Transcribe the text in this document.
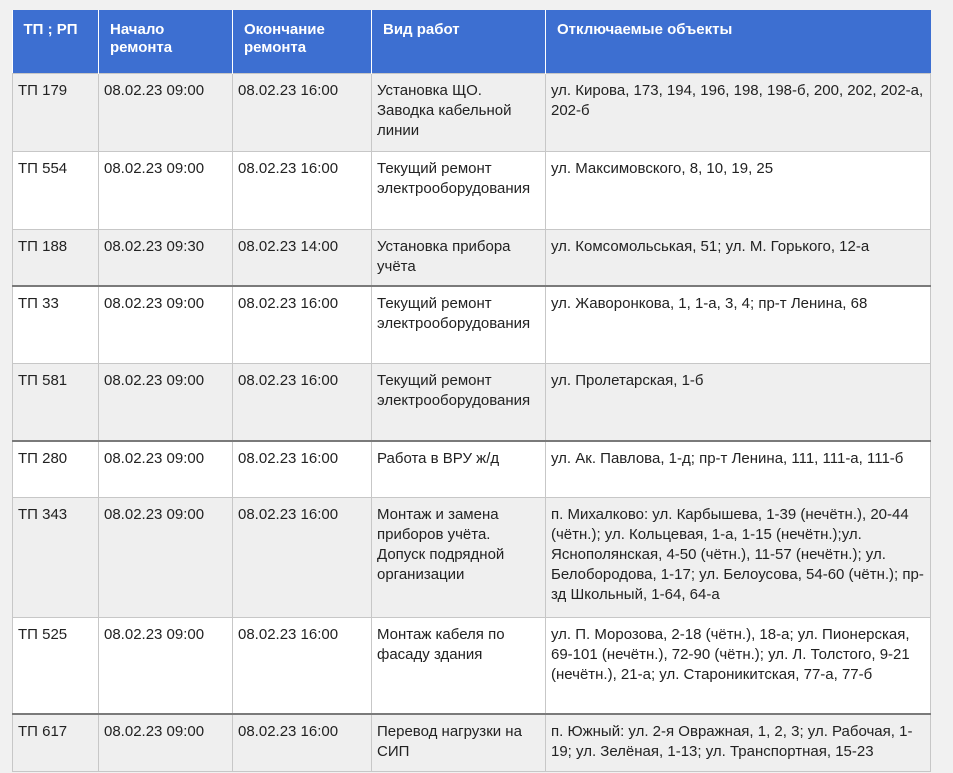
ТП ; РП	Начало ремонта	Окончание ремонта	Вид работ	Отключаемые объекты
ТП 179	08.02.23 09:00	08.02.23 16:00	Установка ЩО. Заводка кабельной линии	ул. Кирова, 173, 194, 196, 198, 198-б, 200, 202, 202-а, 202-б
ТП 554	08.02.23 09:00	08.02.23 16:00	Текущий ремонт электрооборудования	ул. Максимовского, 8, 10, 19, 25
ТП 188	08.02.23 09:30	08.02.23 14:00	Установка прибора учёта	ул. Комсомольськая, 51; ул. М. Горького, 12-а
ТП 33	08.02.23 09:00	08.02.23 16:00	Текущий ремонт электрооборудования	ул. Жаворонкова, 1, 1-а, 3, 4; пр-т Ленина, 68
ТП 581	08.02.23 09:00	08.02.23 16:00	Текущий ремонт электрооборудования	ул. Пролетарская, 1-б
ТП 280	08.02.23 09:00	08.02.23 16:00	Работа в ВРУ ж/д	ул. Ак. Павлова, 1-д; пр-т Ленина, 111, 111-а, 111-б
ТП 343	08.02.23 09:00	08.02.23 16:00	Монтаж и замена приборов учёта. Допуск подрядной организации	п. Михалково: ул. Карбышева, 1-39 (нечётн.), 20-44 (чётн.); ул. Кольцевая, 1-а, 1-15 (нечётн.);ул. Яснополянская, 4-50 (чётн.), 11-57 (нечётн.); ул. Белобородова, 1-17; ул. Белоусова, 54-60 (чётн.); пр-зд Школьный, 1-64, 64-а
ТП 525	08.02.23 09:00	08.02.23 16:00	Монтаж кабеля по фасаду здания	ул. П. Морозова, 2-18 (чётн.), 18-а; ул. Пионерская, 69-101 (нечётн.), 72-90 (чётн.); ул. Л. Толстого, 9-21 (нечётн.), 21-а; ул. Староникитская, 77-а, 77-б
ТП 617	08.02.23 09:00	08.02.23 16:00	Перевод нагрузки на СИП	п. Южный: ул. 2-я Овражная, 1, 2, 3; ул. Рабочая, 1-19; ул. Зелёная, 1-13; ул. Транспортная, 15-23
